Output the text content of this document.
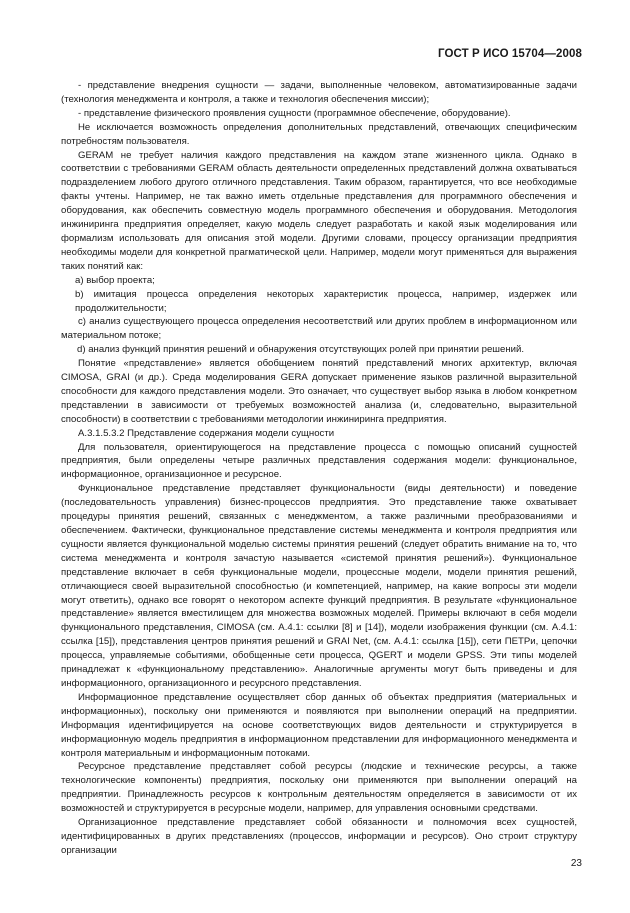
ГОСТ Р ИСО 15704—2008

- представление внедрения сущности — задачи, выполненные человеком, автоматизированные задачи (технология менеджмента и контроля, а также и технология обеспечения миссии);

- представление физического проявления сущности (программное обеспечение, оборудование).

Не исключается возможность определения дополнительных представлений, отвечающих специфическим потребностям пользователя.

GERAM не требует наличия каждого представления на каждом этапе жизненного цикла. Однако в соответствии с требованиями GERAM область деятельности определенных представлений должна охватываться подразделением любого другого отличного представления. Таким образом, гарантируется, что все необходимые факты учтены. Например, не так важно иметь отдельные представления для программного обеспечения и оборудования, как обеспечить совместную модель программного обеспечения и оборудования. Методология инжиниринга предприятия определяет, какую модель следует разработать и какой язык моделирования или формализм использовать для описания этой модели. Другими словами, процессу организации предприятия необходимы модели для конкретной прагматической цели. Например, модели могут применяться для выражения таких понятий как:

а) выбор проекта;

b) имитация процесса определения некоторых характеристик процесса, например, издержек или продолжительности;

с) анализ существующего процесса определения несоответствий или других проблем в информационном или материальном потоке;

d) анализ функций принятия решений и обнаружения отсутствующих ролей при принятии решений.

Понятие «представление» является обобщением понятий представлений многих архитектур, включая CIMOSA, GRAI (и др.). Среда моделирования GERA допускает применение языков различной выразительной способности для каждого представления модели. Это означает, что существует выбор языка в любом конкретном представлении в зависимости от требуемых возможностей анализа (и, следовательно, выразительной способности) в соответствии с требованиями методологии инжиниринга предприятия.

А.3.1.5.3.2 Представление содержания модели сущности

Для пользователя, ориентирующегося на представление процесса с помощью описаний сущностей предприятия, были определены четыре различных представления содержания модели: функциональное, информационное, организационное и ресурсное.

Функциональное представление представляет функциональности (виды деятельности) и поведение (последовательность управления) бизнес-процессов предприятия. Это представление также охватывает процедуры принятия решений, связанных с менеджментом, а также различными преобразованиями и обеспечением. Фактически, функциональное представление системы менеджмента и контроля предприятия или сущности является функциональной моделью системы принятия решений (следует обратить внимание на то, что система менеджмента и контроля зачастую называется «системой принятия решений»). Функциональное представление включает в себя функциональные модели, процессные модели, модели принятия решений, отличающиеся своей выразительной способностью (и компетенцией, например, на какие вопросы эти модели могут ответить), однако все говорят о некотором аспекте функций предприятия. В результате «функциональное представление» является вместилищем для множества возможных моделей. Примеры включают в себя модели функционального представления, CIMOSA (см. А.4.1: ссылки [8] и [14]), модели изображения функции (см. А.4.1: ссылка [15]), представления центров принятия решений и GRAI Net, (см. А.4.1: ссылка [15]), сети ПЕТРи, цепочки процесса, управляемые событиями, обобщенные сети процесса, QGERT и модели GPSS. Эти типы моделей принадлежат к «функциональному представлению». Аналогичные аргументы могут быть приведены и для информационного, организационного и ресурсного представления.

Информационное представление осуществляет сбор данных об объектах предприятия (материальных и информационных), поскольку они применяются и появляются при выполнении операций на предприятии. Информация идентифицируется на основе соответствующих видов деятельности и структурируется в информационную модель предприятия в информационном представлении для информационного менеджмента и контроля материальным и информационным потоками.

Ресурсное представление представляет собой ресурсы (людские и технические ресурсы, а также технологические компоненты) предприятия, поскольку они применяются при выполнении операций на предприятии. Принадлежность ресурсов к контрольным деятельностям определяется в зависимости от их возможностей и структурируется в ресурсные модели, например, для управления основными средствами.

Организационное представление представляет собой обязанности и полномочия всех сущностей, идентифицированных в других представлениях (процессов, информации и ресурсов). Оно строит структуру организации

23
